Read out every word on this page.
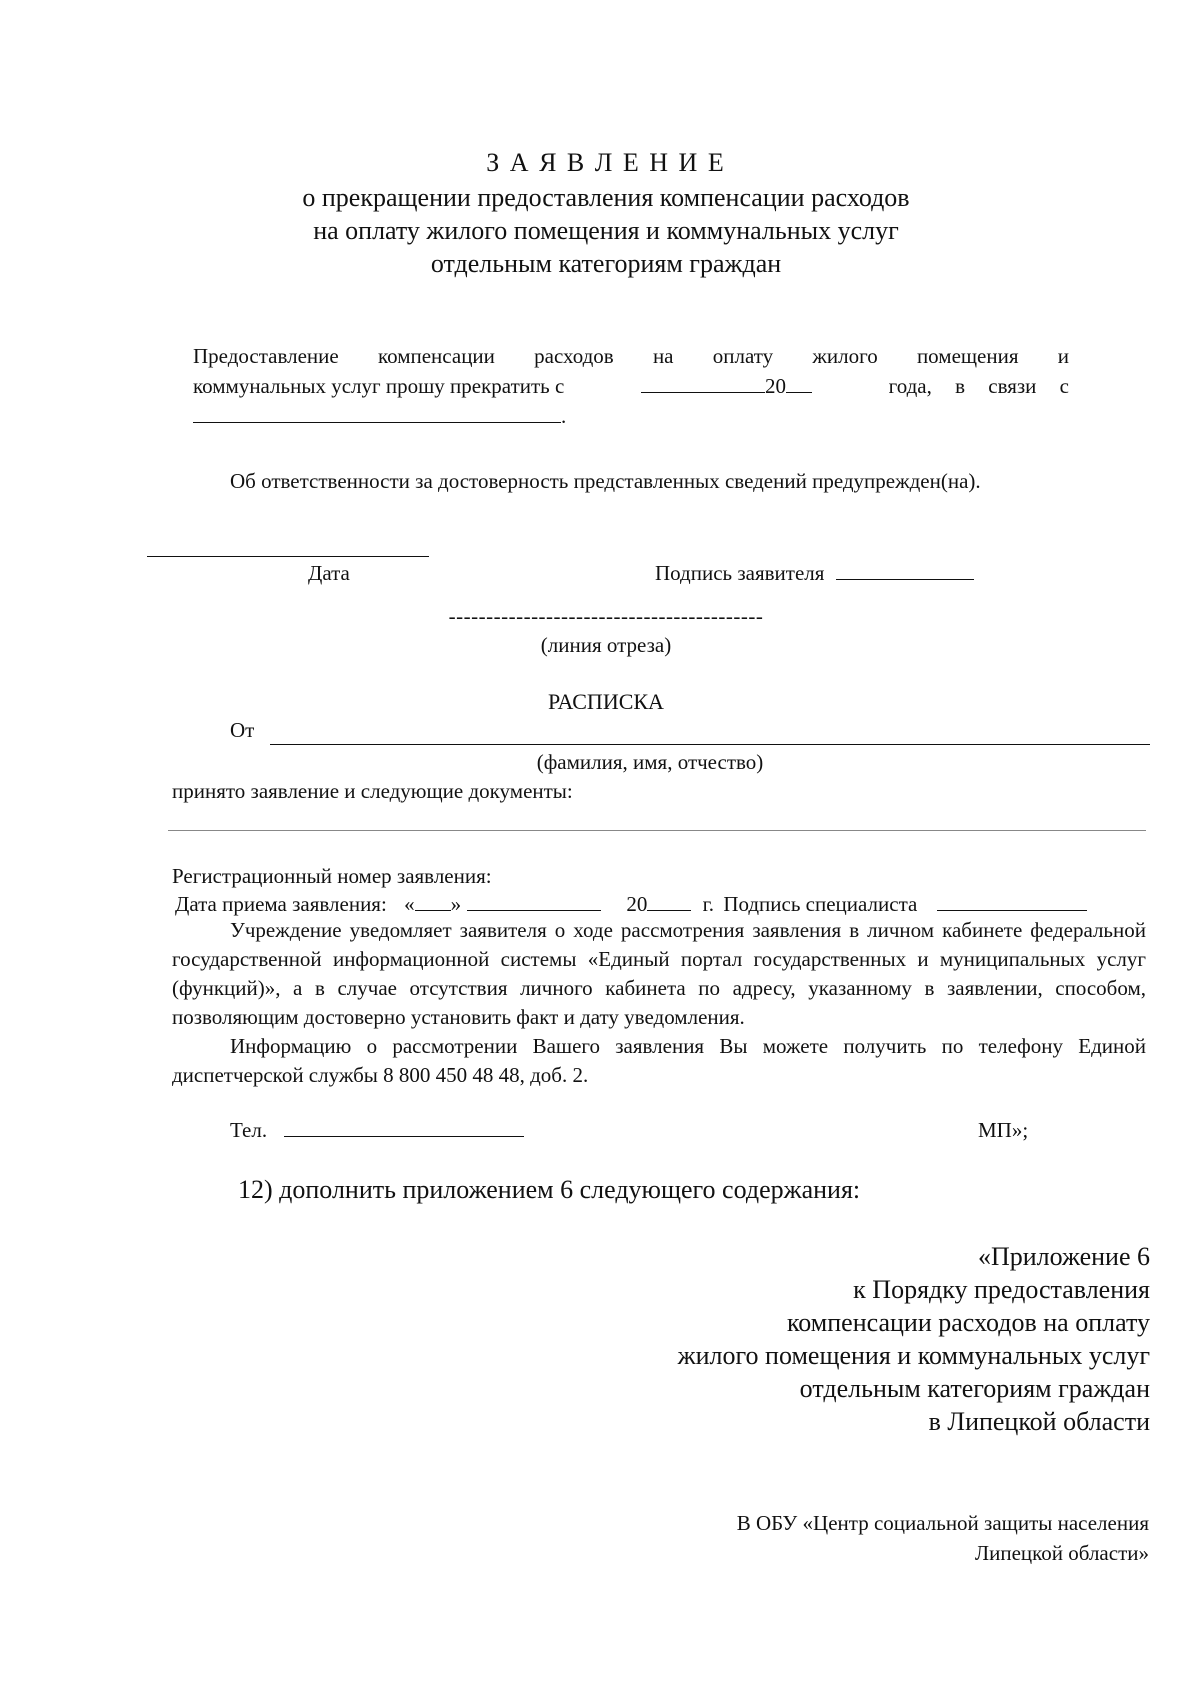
З А Я В Л Е Н И Е
о прекращении предоставления компенсации расходов
на оплату жилого помещения и коммунальных услуг
отдельным категориям граждан
Предоставление компенсации расходов на оплату жилого помещения и
коммунальных услуг прошу прекратить с	20	года, в связи с
.
Об ответственности за достоверность представленных сведений предупрежден(на).
Дата	Подпись заявителя
------------------------------------------
(линия отреза)
РАСПИСКА
От
(фамилия, имя, отчество)
принято заявление и следующие документы:
Регистрационный номер заявления:
Дата приема заявления: « »	20	г. Подпись специалиста

Учреждение уведомляет заявителя о ходе рассмотрения заявления в личном кабинете федеральной государственной информационной системы «Единый портал государственных и муниципальных услуг (функций)», а в случае отсутствия личного кабинета по адресу, указанному в заявлении, способом, позволяющим достоверно установить факт и дату уведомления.

Информацию о рассмотрении Вашего заявления Вы можете получить по телефону Единой диспетчерской службы 8 800 450 48 48, доб. 2.

Тел.	МП»;
12) дополнить приложением 6 следующего содержания:
«Приложение 6
к Порядку предоставления
компенсации расходов на оплату
жилого помещения и коммунальных услуг
отдельным категориям граждан
в Липецкой области
В ОБУ «Центр социальной защиты населения
Липецкой области»
